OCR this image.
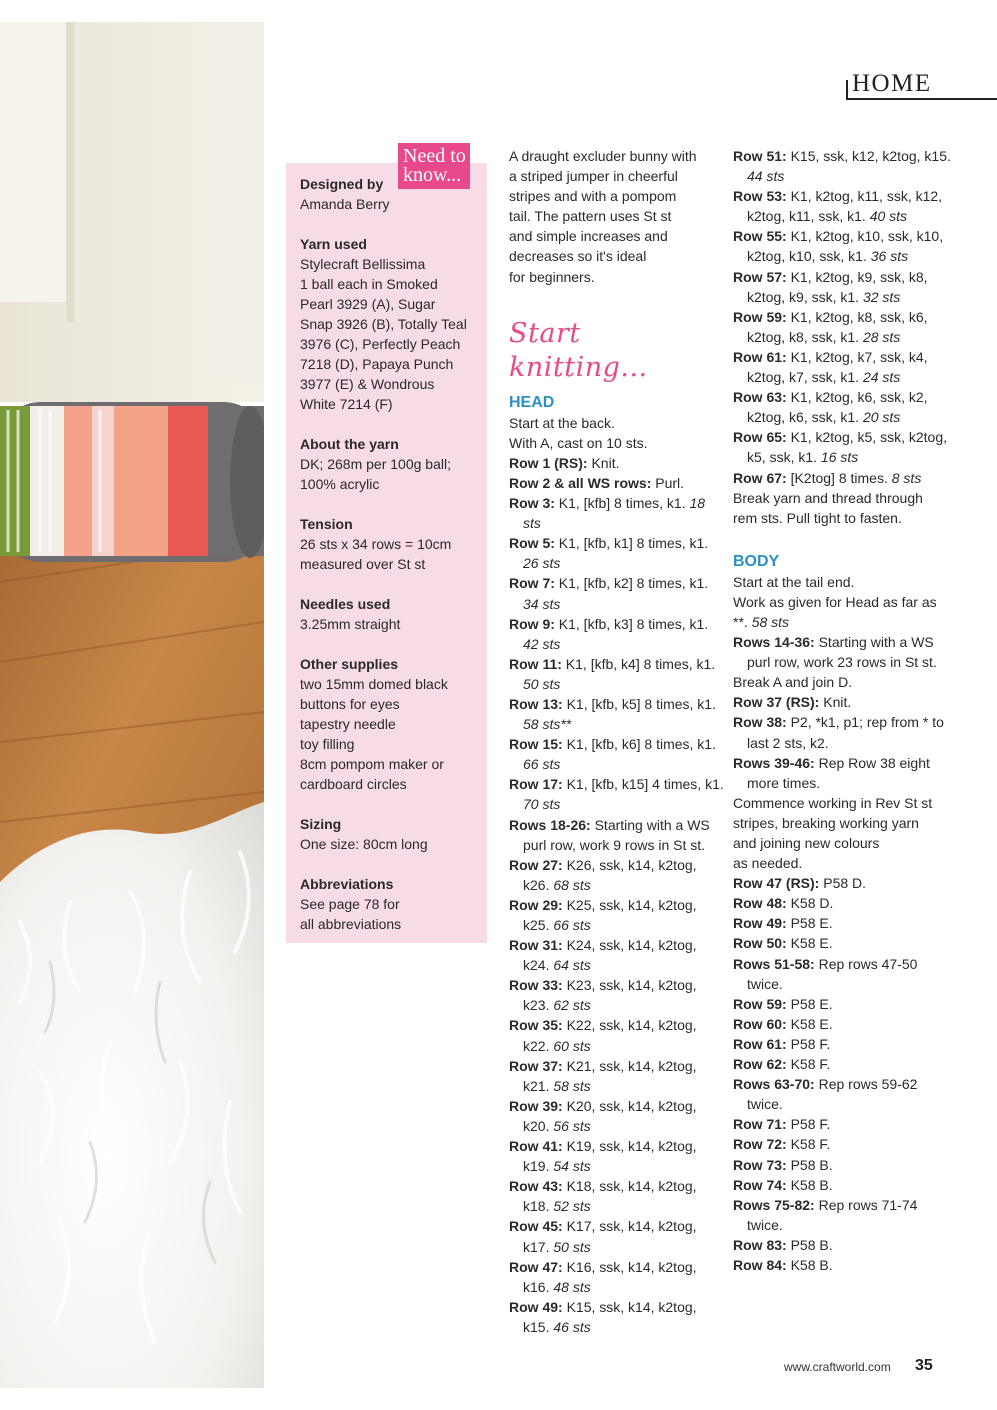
HOME
Designed by
Amanda Berry
Yarn used
Stylecraft Bellissima
1 ball each in Smoked
Pearl 3929 (A), Sugar
Snap 3926 (B), Totally Teal
3976 (C), Perfectly Peach
7218 (D), Papaya Punch
3977 (E) & Wondrous
White 7214 (F)
About the yarn
DK; 268m per 100g ball;
100% acrylic
Tension
26 sts x 34 rows = 10cm
measured over St st
Needles used
3.25mm straight
Other supplies
two 15mm domed black
buttons for eyes
tapestry needle
toy filling
8cm pompom maker or
cardboard circles
Sizing
One size: 80cm long
Abbreviations
See page 78 for
all abbreviations
Need to
know...
A draught excluder bunny with
a striped jumper in cheerful
stripes and with a pompom
tail. The pattern uses St st
and simple increases and
decreases so it's ideal
for beginners.
Start knitting...
HEAD
Start at the back.
With A, cast on 10 sts.
Row 1 (RS): Knit.
Row 2 & all WS rows: Purl.
Row 3: K1, [kfb] 8 times, k1. 18 sts
Row 5: K1, [kfb, k1] 8 times, k1. 26 sts
Row 7: K1, [kfb, k2] 8 times, k1. 34 sts
Row 9: K1, [kfb, k3] 8 times, k1. 42 sts
Row 11: K1, [kfb, k4] 8 times, k1. 50 sts
Row 13: K1, [kfb, k5] 8 times, k1. 58 sts**
Row 15: K1, [kfb, k6] 8 times, k1. 66 sts
Row 17: K1, [kfb, k15] 4 times, k1. 70 sts
Rows 18-26: Starting with a WS purl row, work 9 rows in St st.
Row 27: K26, ssk, k14, k2tog, k26. 68 sts
Row 29: K25, ssk, k14, k2tog, k25. 66 sts
Row 31: K24, ssk, k14, k2tog, k24. 64 sts
Row 33: K23, ssk, k14, k2tog, k23. 62 sts
Row 35: K22, ssk, k14, k2tog, k22. 60 sts
Row 37: K21, ssk, k14, k2tog, k21. 58 sts
Row 39: K20, ssk, k14, k2tog, k20. 56 sts
Row 41: K19, ssk, k14, k2tog, k19. 54 sts
Row 43: K18, ssk, k14, k2tog, k18. 52 sts
Row 45: K17, ssk, k14, k2tog, k17. 50 sts
Row 47: K16, ssk, k14, k2tog, k16. 48 sts
Row 49: K15, ssk, k14, k2tog, k15. 46 sts
Row 51: K15, ssk, k12, k2tog, k15. 44 sts
Row 53: K1, k2tog, k11, ssk, k12, k2tog, k11, ssk, k1. 40 sts
Row 55: K1, k2tog, k10, ssk, k10, k2tog, k10, ssk, k1. 36 sts
Row 57: K1, k2tog, k9, ssk, k8, k2tog, k9, ssk, k1. 32 sts
Row 59: K1, k2tog, k8, ssk, k6, k2tog, k8, ssk, k1. 28 sts
Row 61: K1, k2tog, k7, ssk, k4, k2tog, k7, ssk, k1. 24 sts
Row 63: K1, k2tog, k6, ssk, k2, k2tog, k6, ssk, k1. 20 sts
Row 65: K1, k2tog, k5, ssk, k2tog, k5, ssk, k1. 16 sts
Row 67: [K2tog] 8 times. 8 sts
Break yarn and thread through
rem sts. Pull tight to fasten.
BODY
Start at the tail end.
Work as given for Head as far as **. 58 sts
Rows 14-36: Starting with a WS purl row, work 23 rows in St st.
Break A and join D.
Row 37 (RS): Knit.
Row 38: P2, *k1, p1; rep from * to last 2 sts, k2.
Rows 39-46: Rep Row 38 eight more times.
Commence working in Rev St st
stripes, breaking working yarn
and joining new colours
as needed.
Row 47 (RS): P58 D.
Row 48: K58 D.
Row 49: P58 E.
Row 50: K58 E.
Rows 51-58: Rep rows 47-50 twice.
Row 59: P58 E.
Row 60: K58 E.
Row 61: P58 F.
Row 62: K58 F.
Rows 63-70: Rep rows 59-62 twice.
Row 71: P58 F.
Row 72: K58 F.
Row 73: P58 B.
Row 74: K58 B.
Rows 75-82: Rep rows 71-74 twice.
Row 83: P58 B.
Row 84: K58 B.
www.craftworld.com 35
